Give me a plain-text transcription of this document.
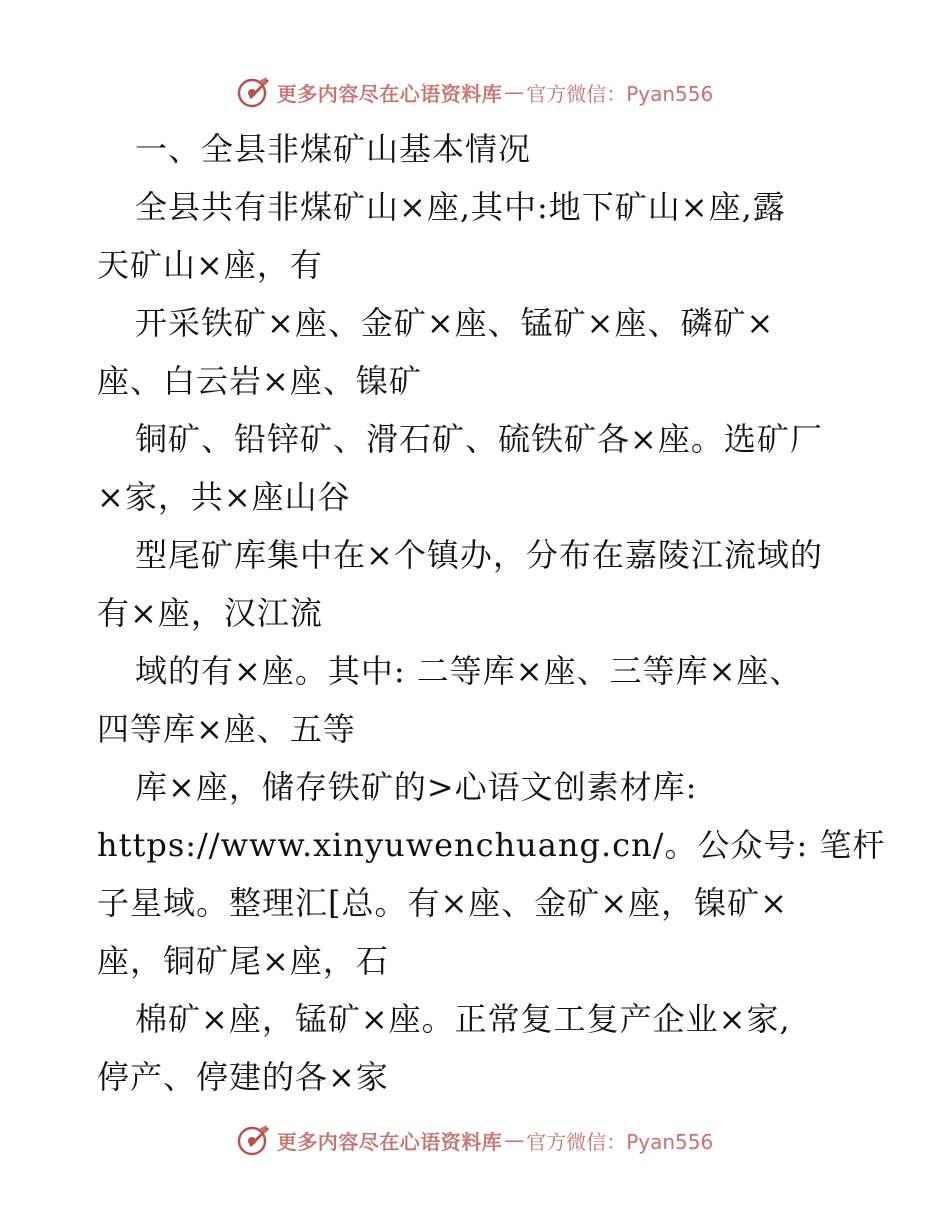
更多内容尽在心语资料库 — 官方微信：Pyan556
一、全县非煤矿山基本情况
全县共有非煤矿山×座,其中:地下矿山×座,露
天矿山×座，有
开采铁矿×座、金矿×座、锰矿×座、磷矿×
座、白云岩×座、镍矿
铜矿、铅锌矿、滑石矿、硫铁矿各×座。选矿厂
×家，共×座山谷
型尾矿库集中在×个镇办，分布在嘉陵江流域的
有×座，汉江流
域的有×座。其中: 二等库×座、三等库×座、
四等库×座、五等
库×座，储存铁矿的>心语文创素材库:
https://www.xinyuwenchuang.cn/。公众号: 笔杆
子星域。整理汇[总。有×座、金矿×座，镍矿×
座，铜矿尾×座，石
棉矿×座，锰矿×座。正常复工复产企业×家,
停产、停建的各×家
更多内容尽在心语资料库 — 官方微信：Pyan556
